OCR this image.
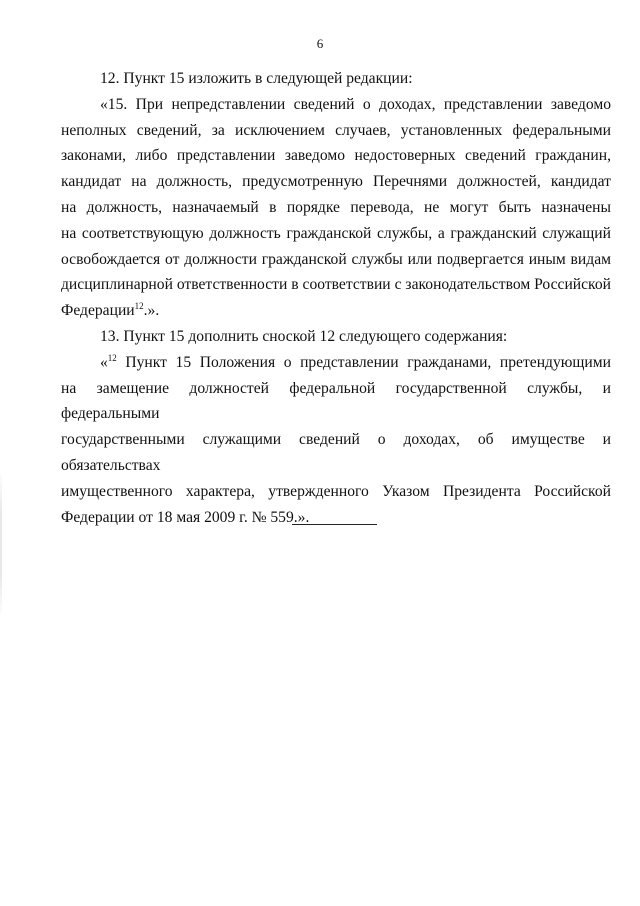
6
12. Пункт 15 изложить в следующей редакции:
«15. При непредставлении сведений о доходах, представлении заведомо
неполных сведений, за исключением случаев, установленных федеральными
законами, либо представлении заведомо недостоверных сведений гражданин,
кандидат на должность, предусмотренную Перечнями должностей, кандидат
на должность, назначаемый в порядке перевода, не могут быть назначены
на соответствующую должность гражданской службы, а гражданский служащий
освобождается от должности гражданской службы или подвергается иным видам
дисциплинарной ответственности в соответствии с законодательством Российской
Федерации$^{12}$.».
13. Пункт 15 дополнить сноской 12 следующего содержания:
«$^{12}$ Пункт 15 Положения о представлении гражданами, претендующими
на замещение должностей федеральной государственной службы, и федеральными
государственными служащими сведений о доходах, об имуществе и обязательствах
имущественного характера, утвержденного Указом Президента Российской
Федерации от 18 мая 2009 г. № 559.».
